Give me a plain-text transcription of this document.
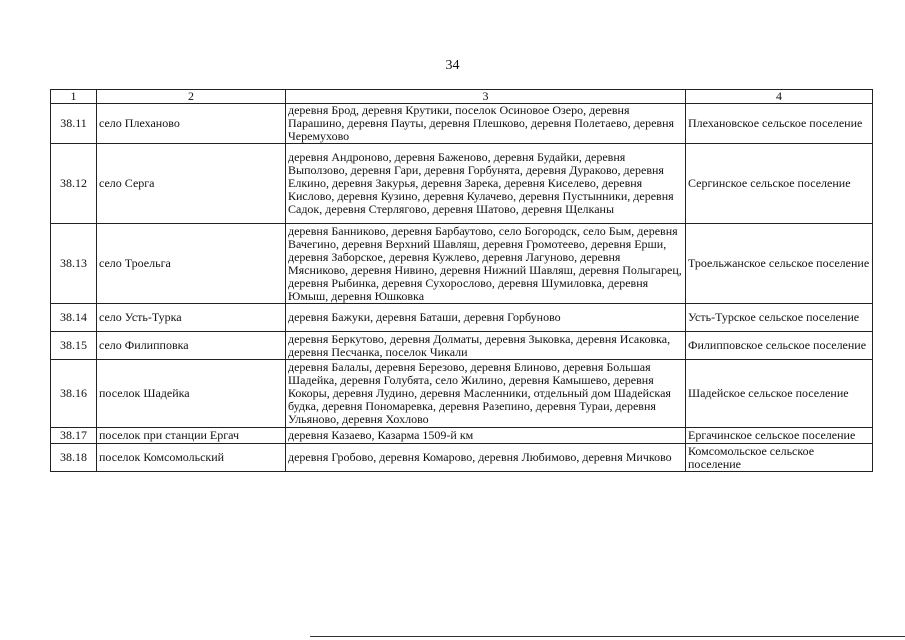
34
1	2	3	4
38.11	село Плехановo	деревня Брод, деревня Крутики, поселок Осиновое Озеро, деревня Парашино, деревня Пауты, деревня Плешково, деревня Полетаево, деревня Черемухово	Плехановское сельское поселение
38.12	село Серга	деревня Андроново, деревня Баженово, деревня Будайки, деревня Выползово, деревня Гари, деревня Горбунята, деревня Дураково, деревня Елкино, деревня Закурья, деревня Зарека, деревня Киселево, деревня Кислово, деревня Кузино, деревня Кулачево, деревня Пустынники, деревня Садок, деревня Стерлягово, деревня Шатово, деревня Щелканы	Сергинское сельское поселение
38.13	село Троельга	деревня Банниково, деревня Барбаутово, село Богородск, село Бым, деревня Вачегино, деревня Верхний Шавляш, деревня Громотеево, деревня Ерши, деревня Заборское, деревня Кужлево, деревня Лагуново, деревня Мясниково, деревня Нивино, деревня Нижний Шавляш, деревня Полыгарец, деревня Рыбинка, деревня Сухорослово, деревня Шумиловка, деревня Юмыш, деревня Юшковка	Троельжанское сельское поселение
38.14	село Усть-Турка	деревня Бажуки, деревня Баташи, деревня Горбуново	Усть-Турское сельское поселение
38.15	село Филипповка	деревня Беркутово, деревня Долматы, деревня Зыковка, деревня Исаковка, деревня Песчанка, поселок Чикали	Филипповское сельское поселение
38.16	поселок Шадейка	деревня Балалы, деревня Березово, деревня Блиново, деревня Большая Шадейка, деревня Голубята, село Жилино, деревня Камышево, деревня Кокоры, деревня Лудино, деревня Масленники, отдельный дом Шадейская будка, деревня Пономаревка, деревня Разепино, деревня Тураи, деревня Ульяново, деревня Хохлово	Шадейское сельское поселение
38.17	поселок при станции Ергач	деревня Казаево, Казарма 1509-й км	Ергачинское сельское поселение
38.18	поселок Комсомольский	деревня Гробово, деревня Комарово, деревня Любимово, деревня Мичково	Комсомольское сельское поселение
